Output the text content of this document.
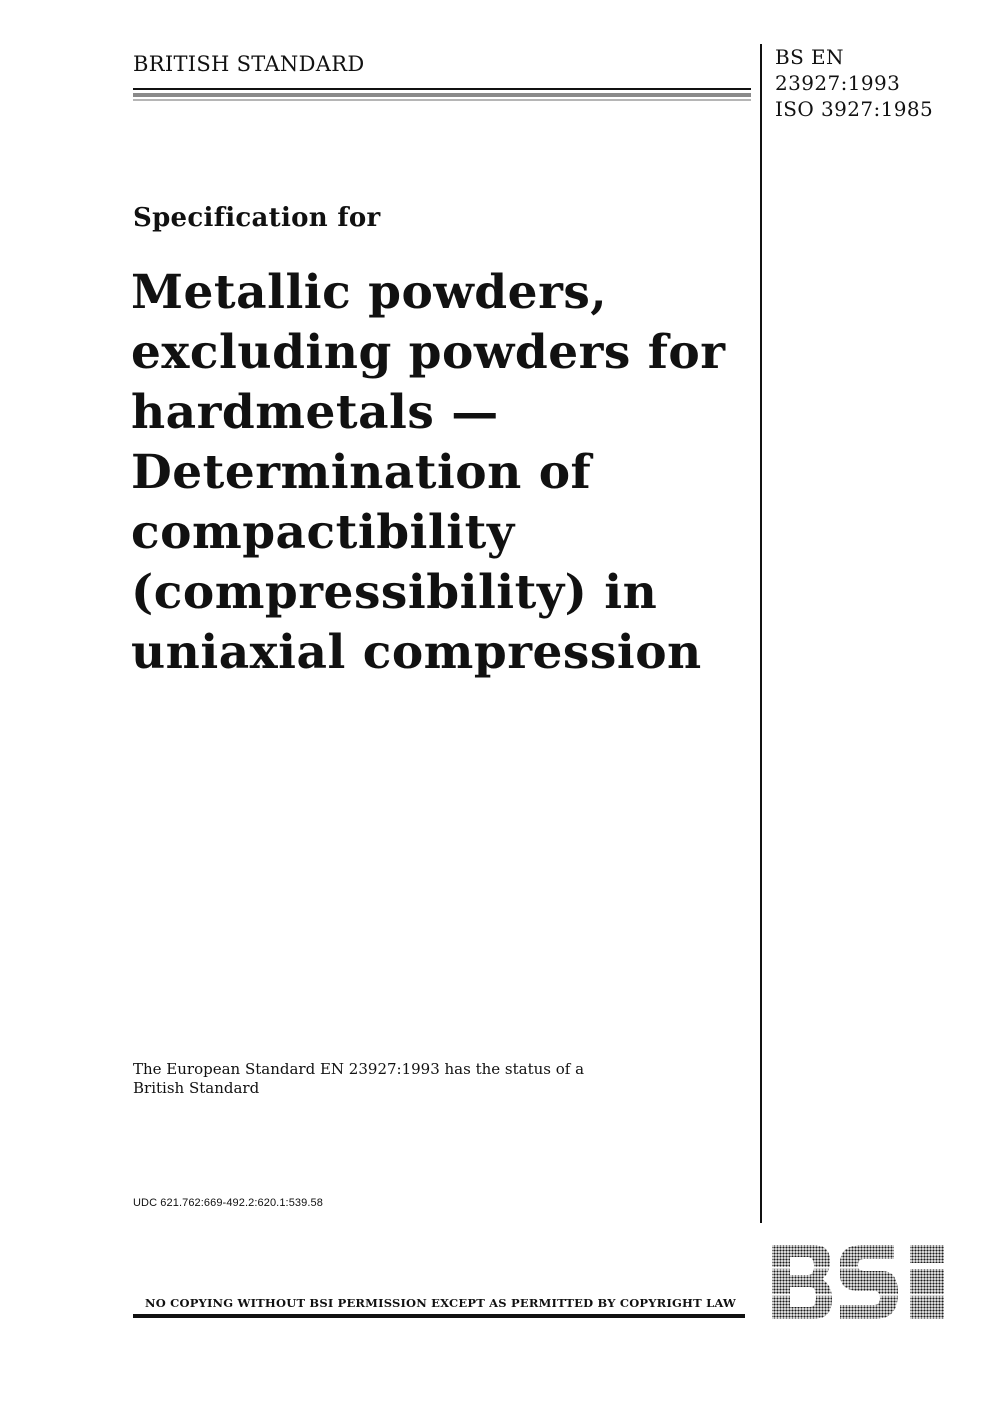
BRITISH STANDARD	BS EN
23927:1993
ISO 3927:1985
Specification for
Metallic powders,
excluding powders for
hardmetals —
Determination of
compactibility
(compressibility) in
uniaxial compression
The European Standard EN 23927:1993 has the status of a
British Standard
UDC 621.762:669-492.2:620.1:539.58
NO COPYING WITHOUT BSI PERMISSION EXCEPT AS PERMITTED BY COPYRIGHT LAW
